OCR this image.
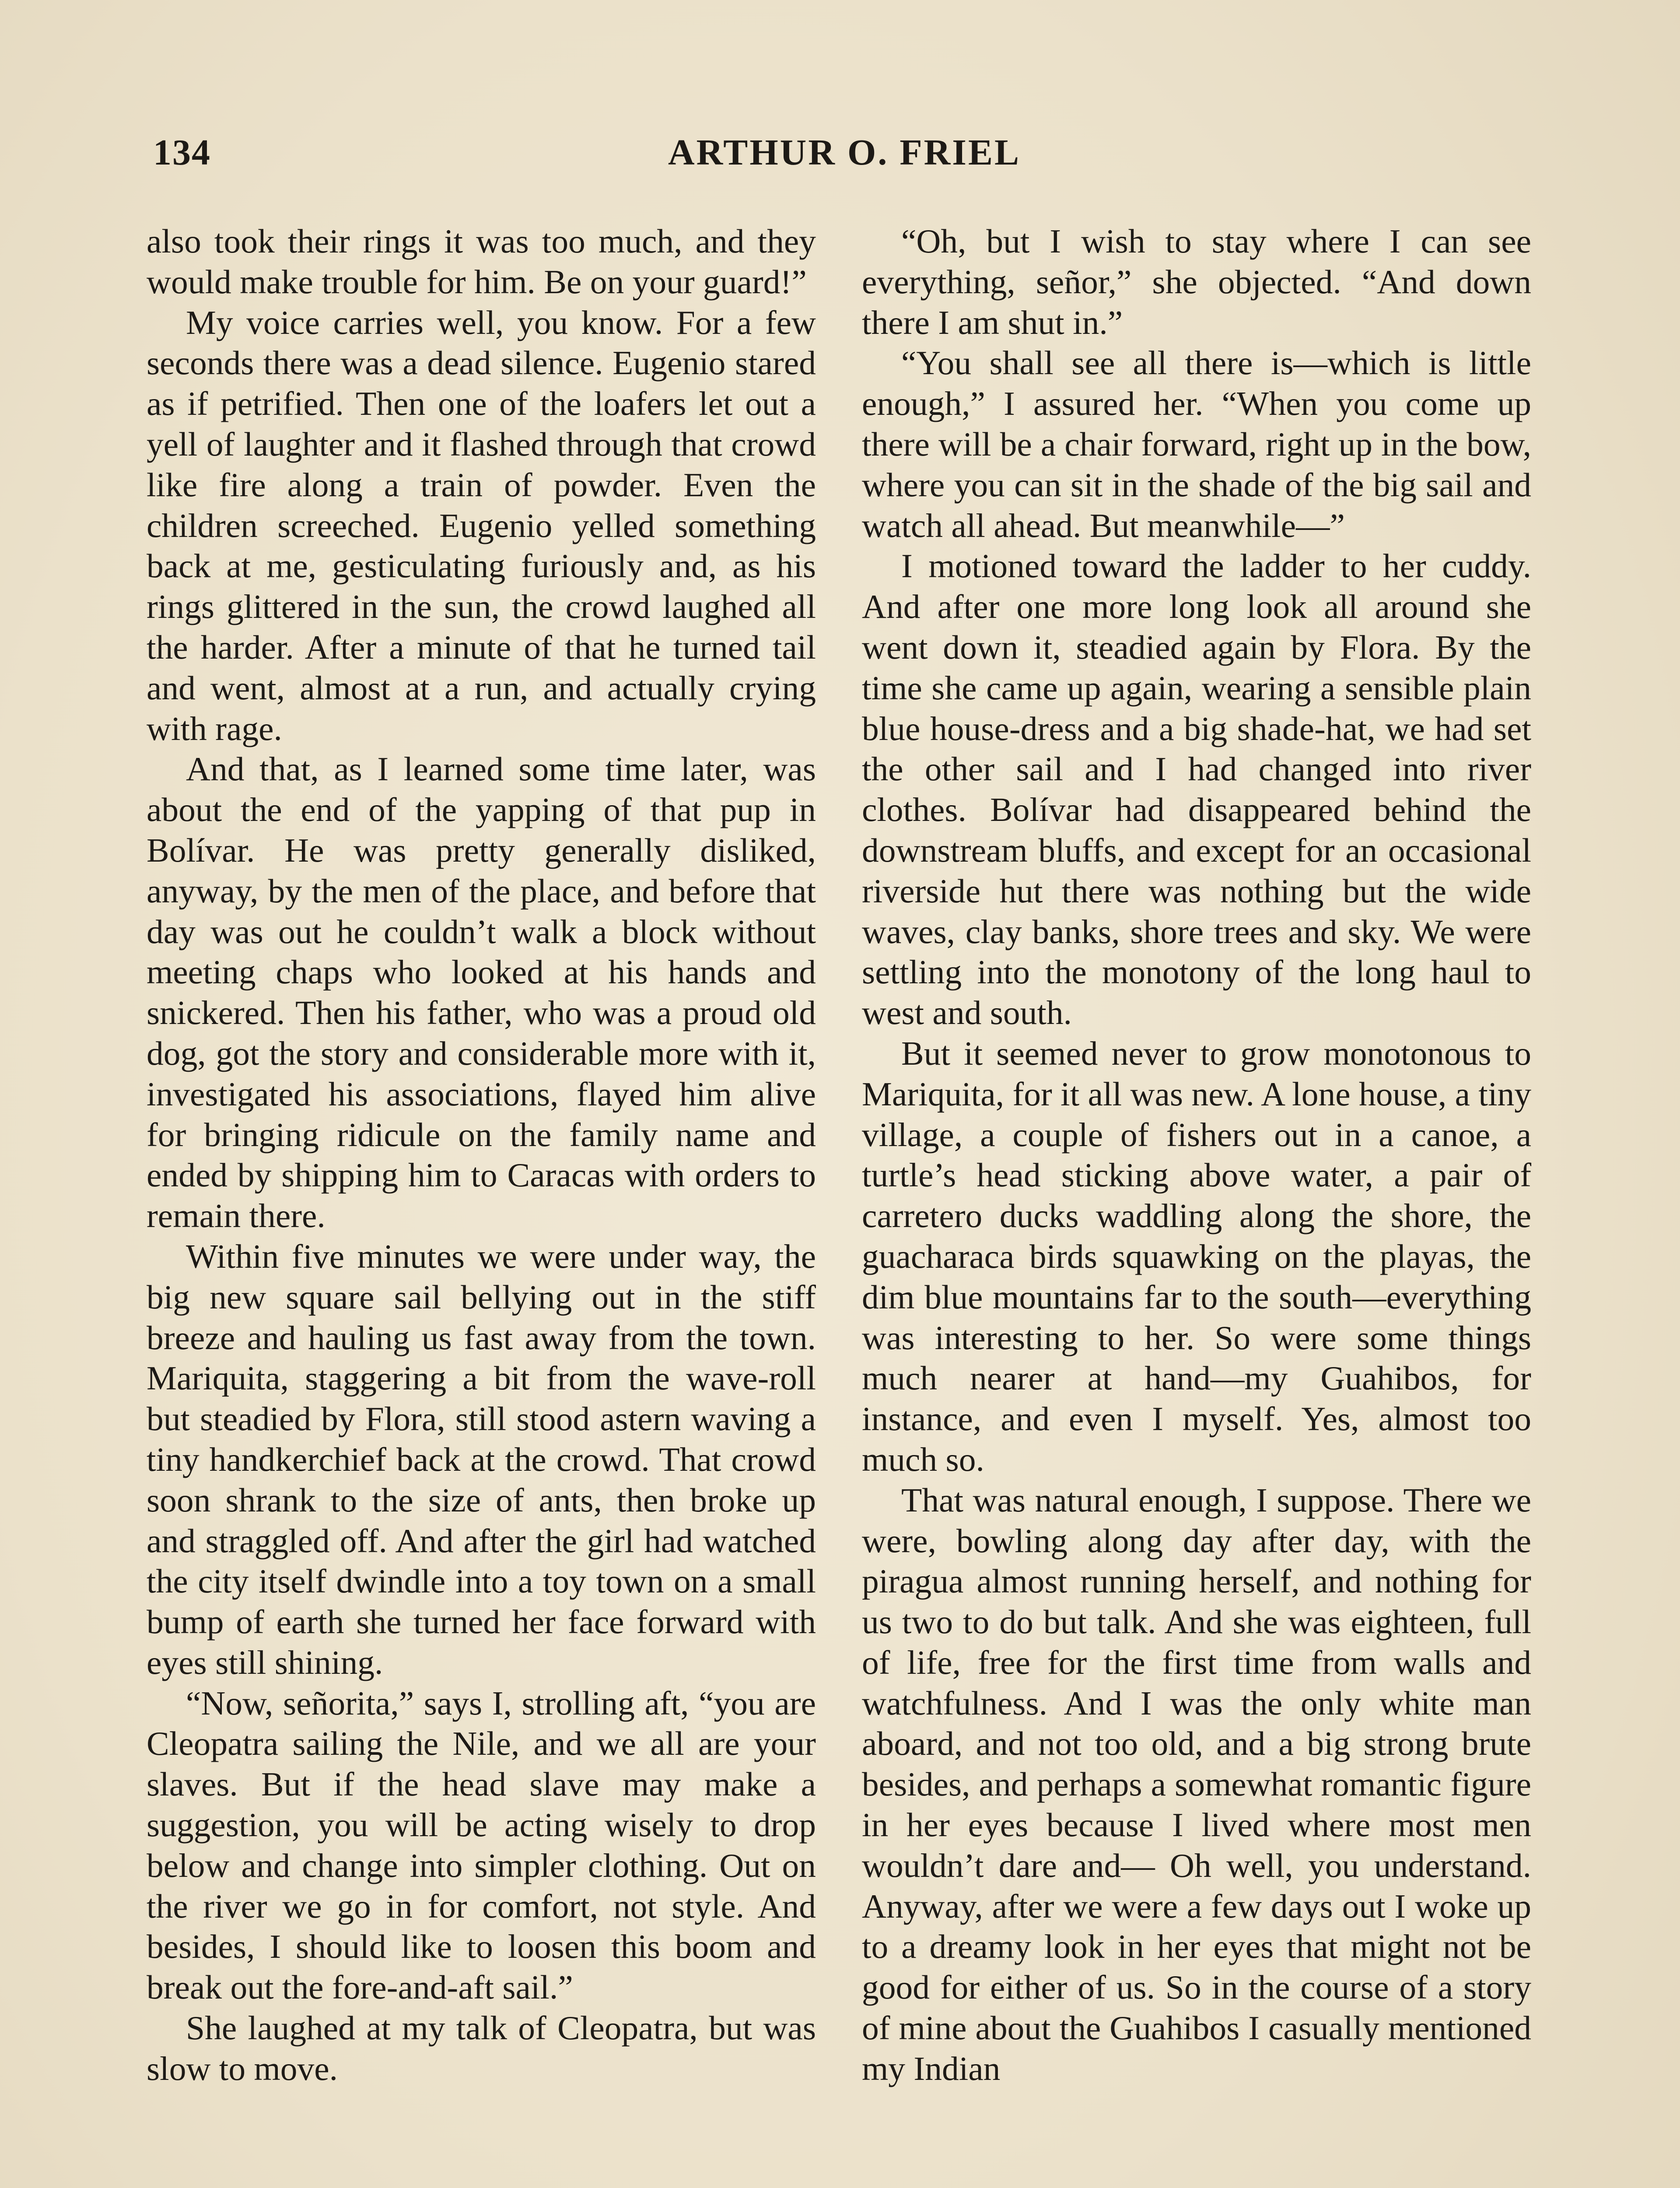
134	ARTHUR O. FRIEL

also took their rings it was too much, and they would make trouble for him. Be on your guard!”

My voice carries well, you know. For a few seconds there was a dead silence. Eugenio stared as if petrified. Then one of the loafers let out a yell of laughter and it flashed through that crowd like fire along a train of powder. Even the children screeched. Eugenio yelled something back at me, gesticulating furiously and, as his rings glittered in the sun, the crowd laughed all the harder. After a minute of that he turned tail and went, almost at a run, and actually crying with rage.

And that, as I learned some time later, was about the end of the yapping of that pup in Bolívar. He was pretty generally disliked, anyway, by the men of the place, and before that day was out he couldn’t walk a block without meeting chaps who looked at his hands and snickered. Then his father, who was a proud old dog, got the story and considerable more with it, investigated his associations, flayed him alive for bringing ridicule on the family name and ended by shipping him to Caracas with orders to remain there.

Within five minutes we were under way, the big new square sail bellying out in the stiff breeze and hauling us fast away from the town. Mariquita, staggering a bit from the wave-roll but steadied by Flora, still stood astern waving a tiny handkerchief back at the crowd. That crowd soon shrank to the size of ants, then broke up and straggled off. And after the girl had watched the city itself dwindle into a toy town on a small bump of earth she turned her face forward with eyes still shining.

“Now, señorita,” says I, strolling aft, “you are Cleopatra sailing the Nile, and we all are your slaves. But if the head slave may make a suggestion, you will be acting wisely to drop below and change into simpler clothing. Out on the river we go in for comfort, not style. And besides, I should like to loosen this boom and break out the fore-and-aft sail.”

She laughed at my talk of Cleopatra, but was slow to move.

“Oh, but I wish to stay where I can see everything, señor,” she objected. “And down there I am shut in.”

“You shall see all there is—which is little enough,” I assured her. “When you come up there will be a chair forward, right up in the bow, where you can sit in the shade of the big sail and watch all ahead. But meanwhile—”

I motioned toward the ladder to her cuddy. And after one more long look all around she went down it, steadied again by Flora. By the time she came up again, wearing a sensible plain blue house-dress and a big shade-hat, we had set the other sail and I had changed into river clothes. Bolívar had disappeared behind the downstream bluffs, and except for an occasional riverside hut there was nothing but the wide waves, clay banks, shore trees and sky. We were settling into the monotony of the long haul to west and south.

But it seemed never to grow monotonous to Mariquita, for it all was new. A lone house, a tiny village, a couple of fishers out in a canoe, a turtle’s head sticking above water, a pair of carretero ducks waddling along the shore, the guacharaca birds squawking on the playas, the dim blue mountains far to the south—everything was interesting to her. So were some things much nearer at hand—my Guahibos, for instance, and even I myself. Yes, almost too much so.

That was natural enough, I suppose. There we were, bowling along day after day, with the piragua almost running herself, and nothing for us two to do but talk. And she was eighteen, full of life, free for the first time from walls and watchfulness. And I was the only white man aboard, and not too old, and a big strong brute besides, and perhaps a somewhat romantic figure in her eyes because I lived where most men wouldn’t dare and— Oh well, you understand. Anyway, after we were a few days out I woke up to a dreamy look in her eyes that might not be good for either of us. So in the course of a story of mine about the Guahibos I casually mentioned my Indian
